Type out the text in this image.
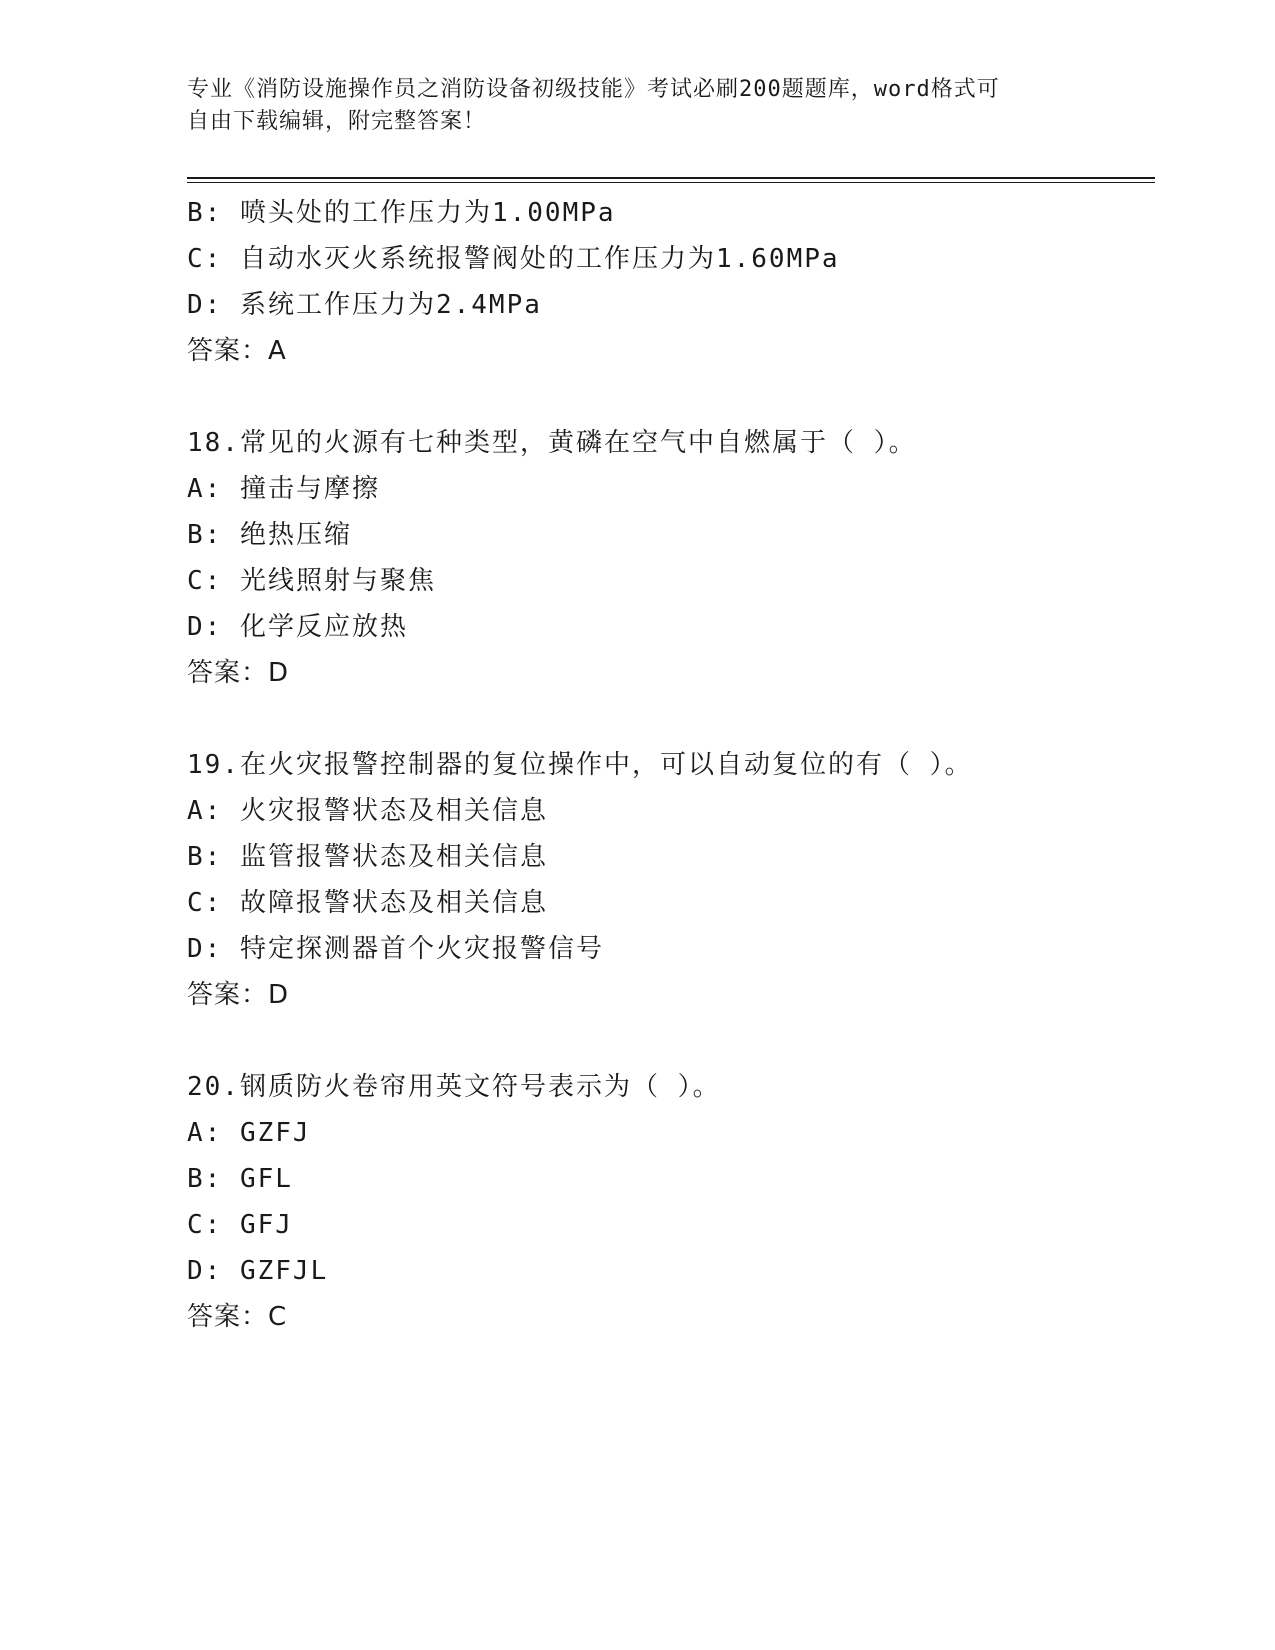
专业《消防设施操作员之消防设备初级技能》考试必刷200题题库，word格式可
自由下载编辑，附完整答案！
B: 喷头处的工作压力为1.00MPa
C: 自动水灭火系统报警阀处的工作压力为1.60MPa
D: 系统工作压力为2.4MPa
答案：A
18.常见的火源有七种类型，黄磷在空气中自燃属于（ ）。
A: 撞击与摩擦
B: 绝热压缩
C: 光线照射与聚焦
D: 化学反应放热
答案：D
19.在火灾报警控制器的复位操作中，可以自动复位的有（ ）。
A: 火灾报警状态及相关信息
B: 监管报警状态及相关信息
C: 故障报警状态及相关信息
D: 特定探测器首个火灾报警信号
答案：D
20.钢质防火卷帘用英文符号表示为（ ）。
A: GZFJ
B: GFL
C: GFJ
D: GZFJL
答案：C
